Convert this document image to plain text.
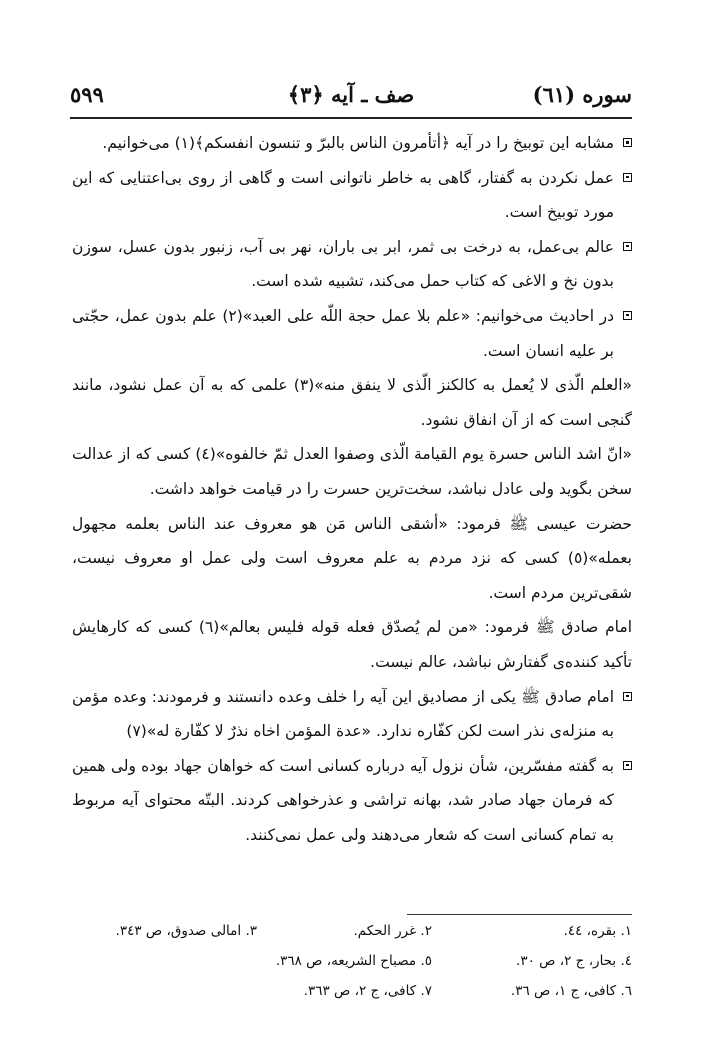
سوره (٦١)
صف ـ آیه ﴿٣﴾
٥٩٩

مشابه این توبیخ را در آیه ﴿أتأمرون الناس بالبرّ و تنسون انفسکم﴾(١) می‌خوانیم.

عمل نکردن به گفتار، گاهی به خاطر ناتوانی است و گاهی از روی بی‌اعتنایی که این مورد توبیخ است.

عالم بی‌عمل، به درخت بی ثمر، ابر بی باران، نهر بی آب، زنبور بدون عسل، سوزن بدون نخ و الاغی که کتاب حمل می‌کند، تشبیه شده است.

در احادیث می‌خوانیم: «علم بلا عمل حجة اللّه علی العبد»(٢) علم بدون عمل، حجّتی بر علیه انسان است.

«العلم الّذی لا یُعمل به کالکنز الّذی لا ینفق منه»(٣) علمی که به آن عمل نشود، مانند گنجی است که از آن انفاق نشود.

«انّ اشد الناس حسرة یوم القیامة الّذی وصفوا العدل ثمّ خالفوه»(٤) کسی که از عدالت سخن بگوید ولی عادل نباشد، سخت‌ترین حسرت را در قیامت خواهد داشت.

حضرت عیسی ﷺ فرمود: «أشقی الناس مَن هو معروف عند الناس بعلمه مجهول بعمله»(٥) کسی که نزد مردم به علم معروف است ولی عمل او معروف نیست، شقی‌ترین مردم است.

امام صادق ﷺ فرمود: «من لم یُصدّق فعله قوله فلیس بعالم»(٦) کسی که کارهایش تأکید کننده‌ی گفتارش نباشد، عالم نیست.

امام صادق ﷺ یکی از مصادیق این آیه را خلف وعده دانستند و فرمودند: وعده مؤمن به منزله‌ی نذر است لکن کفّاره ندارد. «عدة المؤمن اخاه نذرٌ لا کفّارة له»(٧)

به گفته مفسّرین، شأن نزول آیه درباره کسانی است که خواهان جهاد بوده ولی همین که فرمان جهاد صادر شد، بهانه تراشی و عذرخواهی کردند. البتّه محتوای آیه مربوط به تمام کسانی است که شعار می‌دهند ولی عمل نمی‌کنند.

١. بقره، ٤٤.
٢. غرر الحکم.
٣. امالی صدوق، ص ٣٤٣.
٤. بحار، ج ٢، ص ٣٠.
٥. مصباح الشریعه، ص ٣٦٨.
٦. کافی، ج ١، ص ٣٦.
٧. کافی، ج ٢، ص ٣٦٣.
